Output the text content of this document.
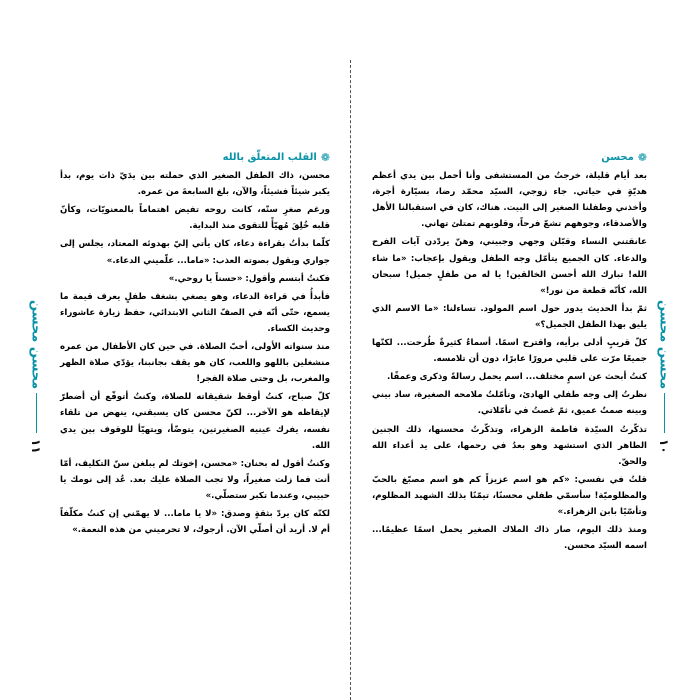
محسن محسن
١١
❁
القلب المتعلّق بالله

محسن، ذاك الطفل الصغير الذي حملته بين يدَيّ ذات يوم، بدأ يكبر شيئاً فشيئاً، والآن، بلغ السابعةَ من عمره.

ورغم صغرِ سنّه، كانت روحه تفيض اهتماماً بالمعنويّات، وكأنّ قلبه خُلِقَ مُهيّأً للتقوى منذ البداية.

كلّما بدأتُ بقراءة دعاء، كان يأتي إليّ بهدوئه المعتاد، يجلس إلى جواري ويقول بصوته العذب: «ماما... علّميني الدعاء.»

فكنتُ أبتسم وأقول: «حسناً يا روحي.»

فأبدأُ في قراءة الدعاء، وهو يصغي بشغف طفلٍ يعرف قيمة ما يسمع، حتّى أنّه في الصفّ الثاني الابتدائي، حفظ زيارة عاشوراء وحديث الكساء.

منذ سنواته الأولى، أحبّ الصلاة. في حين كان الأطفال من عمره منشغلين باللهو واللعب، كان هو يقف بجانبنا، يؤدّي صلاة الظهر والمغرب، بل وحتى صلاة الفجر!

كلّ صباح، كنتُ أوقظ شقيقاته للصلاة، وكنتُ أتوقّع أن أضطرّ لإيقاظه هو الآخر... لكنّ محسن كان يسبقني، ينهض من تلقاء نفسه، يفرك عينيه الصغيرتين، يتوضّأ، ويتهيّأ للوقوف بين يدي الله.

وكنتُ أقول له بحنان: «محسن، إخوتك لم يبلغن سنّ التكليف، أمّا أنت فما زلت صغيراً، ولا تجب الصلاة عليك بعد. عُد إلى نومك يا حبيبي، وعندما تكبر ستصلّي.»

لكنّه كان يردّ بثقةٍ وصدق: «لا يا ماما... لا يهمّني إن كنتُ مكلّفاً أم لا. أريد أن أصلّي الآن. أرجوك، لا تحرميني من هذه النعمة.»

❁
محسن

بعد أيام قليلة، خرجتُ من المستشفى وأنا أحمل بين يدي أعظم هديّةٍ في حياتي. جاء زوجي، السيّد محمّد رضا، بسيّارة أجرة، وأخذني وطفلنا الصغير إلى البيت. هناك، كان في استقبالنا الأهل والأصدقاء، وجوههم تشعّ فرحاً، وقلوبهم تمتلئ تهاني.

عانقتني النساء وقبّلن وجهي وجبيني، وهنّ يردّدن آيات الفرح والدعاء. كان الجميع يتأمّل وجه الطفل ويقول بإعجاب: «ما شاء الله! تبارك الله أحسن الخالقين! يا له من طفلٍ جميل! سبحان الله، كأنّه قطعة من نور!»

ثمّ بدأ الحديث يدور حول اسم المولود. تساءلنا: «ما الاسم الذي يليق بهذا الطفل الجميل؟»

كلّ قريبٍ أدلى برأيه، واقترح اسمًا. أسماءٌ كثيرةٌ طُرحت... لكنّها جميعًا مرّت على قلبي مرورًا عابرًا، دون أن تلامسه.

كنتُ أبحث عن اسمٍ مختلف... اسم يحمل رسالةً وذكرى وعمقًا.

نظرتُ إلى وجه طفلي الهادئ، وتأمّلتُ ملامحه الصغيرة، ساد بيني وبينه صمتٌ عميق، ثمّ غصتُ في تأمّلاتي.

تذكّرتُ السيّدة فاطمة الزهراء، وتذكّرتُ محسنها، ذلك الجنين الطاهر الذي استشهد وهو بعدُ في رحمها، على يد أعداء الله والحقّ.

قلتُ في نفسي: «كم هو اسم عزيزاً كم هو اسم مصبّغ بالحبّ والمظلوميّة! سأسمّي طفلي محسنًا، تيمّنًا بذلك الشهيد المظلوم، وتأسّيًا بابن الزهراء.»

ومنذ ذلك اليوم، صار ذاك الملاك الصغير يحمل اسمًا عظيمًا... اسمه السيّد محسن.

محسن محسن
١٠
